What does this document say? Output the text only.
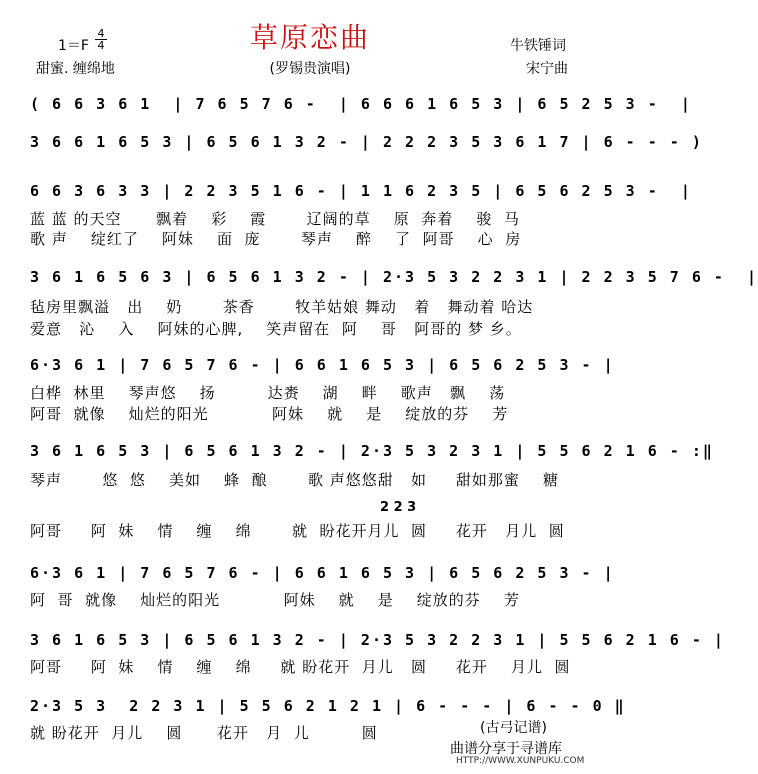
草原恋曲
$1=F \frac{4}{4}$
甜蜜. 缠绵地	(罗锡贵演唱)
牛铁锤词
宋宁曲
( 6 6 3 6 1  | 7 6 5 7 6 -  | 6 6 6 1 6 5 3 | 6 5 2 5 3 -  |
3 6 6 1 6 5 3 | 6 5 6 1 3 2 - | 2 2 2 3 5 3 6 1 7 | 6 - - - )
6 6 3 6 3 3 | 2 2 3 5 1 6 - | 1 1 6 2 3 5 | 6 5 6 2 5 3 -  |
蓝 蓝 的天空      飘着    彩    霞       辽阔的草    原  奔着    骏  马
歌 声    绽红了    阿妹    面  庞       琴声    醉    了  阿哥    心  房
3 6 1 6 5 6 3 | 6 5 6 1 3 2 - | 2·3 5 3 2 2 3 1 | 2 2 3 5 7 6 -  |
毡房里飘溢   出    奶       茶香       牧羊姑娘 舞动   着   舞动着 哈达
爱意   沁    入    阿妹的心脾,    笑声留在  阿    哥   阿哥的 梦 乡。
6·3 6 1 | 7 6 5 7 6 - | 6 6 1 6 5 3 | 6 5 6 2 5 3 - |
白桦  林里    琴声悠    扬         达赉    湖    畔    歌声   飘    荡
阿哥  就像    灿烂的阳光           阿妹    就    是    绽放的芬    芳
3 6 1 6 5 3 | 6 5 6 1 3 2 - | 2·3 5 3 2 3 1 | 5 5 6 2 1 6 - :‖
琴声       悠  悠    美如    蜂  酿       歌 声悠悠甜   如     甜如那蜜    糖
2 2 3
阿哥     阿  妹    情    缠    绵       就  盼花开月儿  圆     花开   月儿  圆
6·3 6 1 | 7 6 5 7 6 - | 6 6 1 6 5 3 | 6 5 6 2 5 3 - |
阿  哥  就像    灿烂的阳光           阿妹    就    是    绽放的芬    芳
3 6 1 6 5 3 | 6 5 6 1 3 2 - | 2·3 5 3 2 2 3 1 | 5 5 6 2 1 6 - |
阿哥     阿  妹    情    缠    绵     就 盼花开  月儿   圆     花开    月儿  圆
2·3 5 3  2 2 3 1 | 5 5 6 2 1 2 1 | 6 - - - | 6 - - 0 ‖
就 盼花开  月儿    圆      花开   月  儿         圆	(古弓记谱)
曲谱分享于寻谱库
HTTP://WWW.XUNPUKU.COM
